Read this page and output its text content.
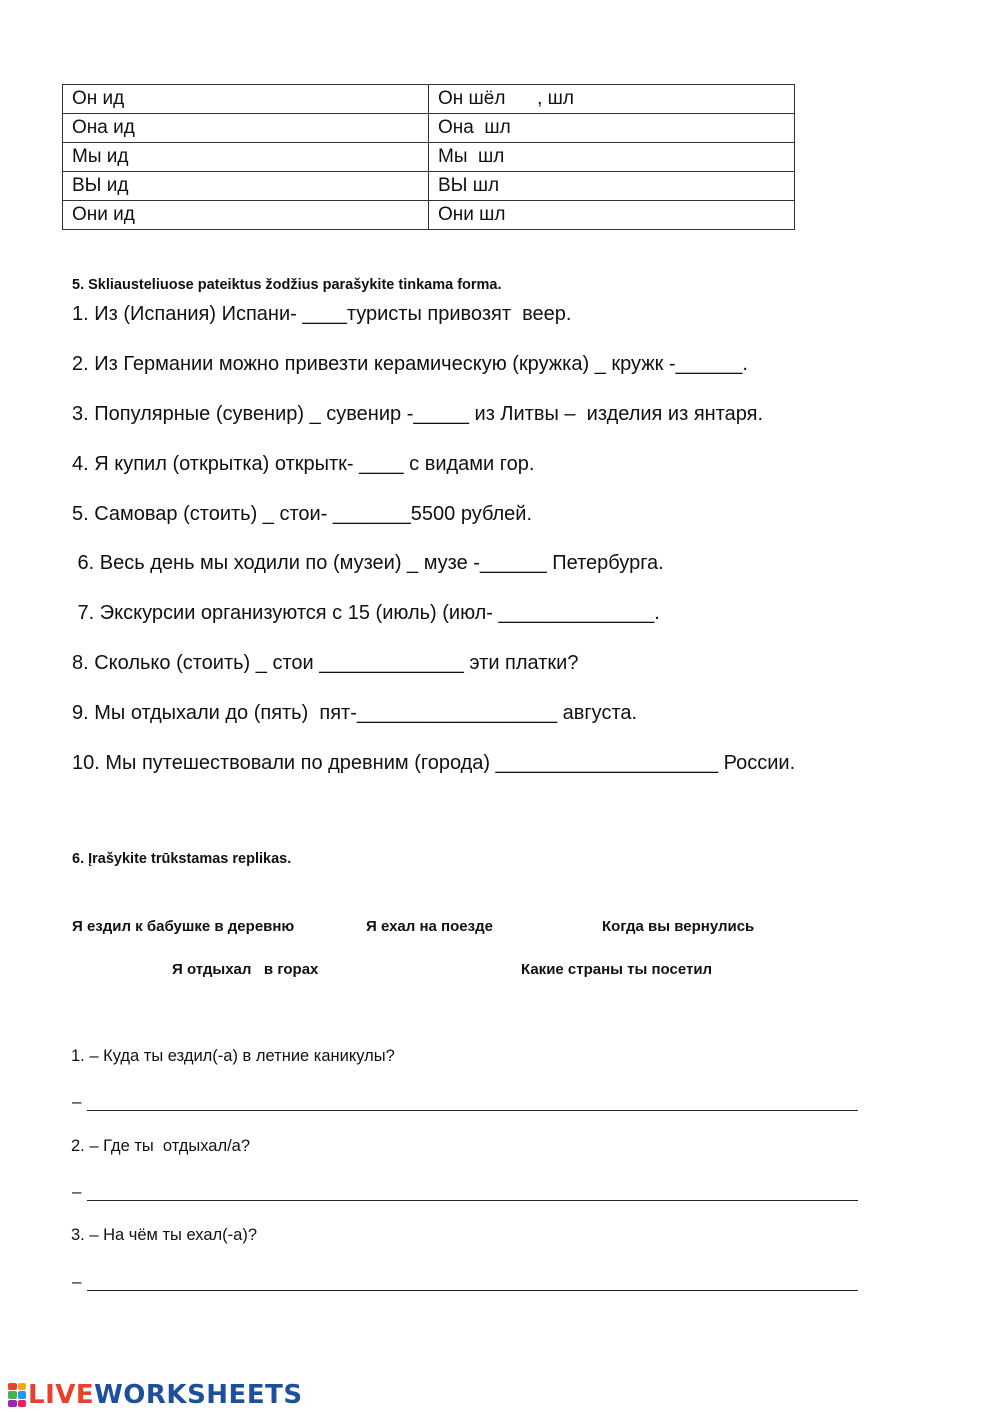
Он ид	Он шёл      , шл
Она ид	Она  шл
Мы ид	Мы  шл
ВЫ ид	ВЫ шл
Они ид	Они шл
5. Skliausteliuose pateiktus žodžius parašykite tinkama forma.
1. Из (Испания) Испани- ____туристы привозят  веер.
2. Из Германии можно привезти керамическую (кружка) _ кружк -______.
3. Популярные (сувенир) _ сувенир -_____ из Литвы –  изделия из янтаря.
4. Я купил (открытка) открытк- ____ с видами гор.
5. Самовар (стоить) _ стои- _______5500 рублей.
6. Весь день мы ходили по (музеи) _ музе -______ Петербурга.
7. Экскурсии организуются с 15 (июль) (июл- ______________.
8. Сколько (стоить) _ стои _____________ эти платки?
9. Мы отдыхали до (пять)  пят-__________________ августа.
10. Мы путешествовали по древним (города) ____________________ России.
6. Įrašykite trūkstamas replikas.
Я ездил к бабушке в деревню	Я ехал на поезде	Когда вы вернулись
Я отдыхал   в горах	Какие страны ты посетил
1. – Куда ты ездил(-а) в летние каникулы?
–
2. – Где ты  отдыхал/а?
–
3. – На чём ты ехал(-а)?
–
LIVE WORKSHEETS
